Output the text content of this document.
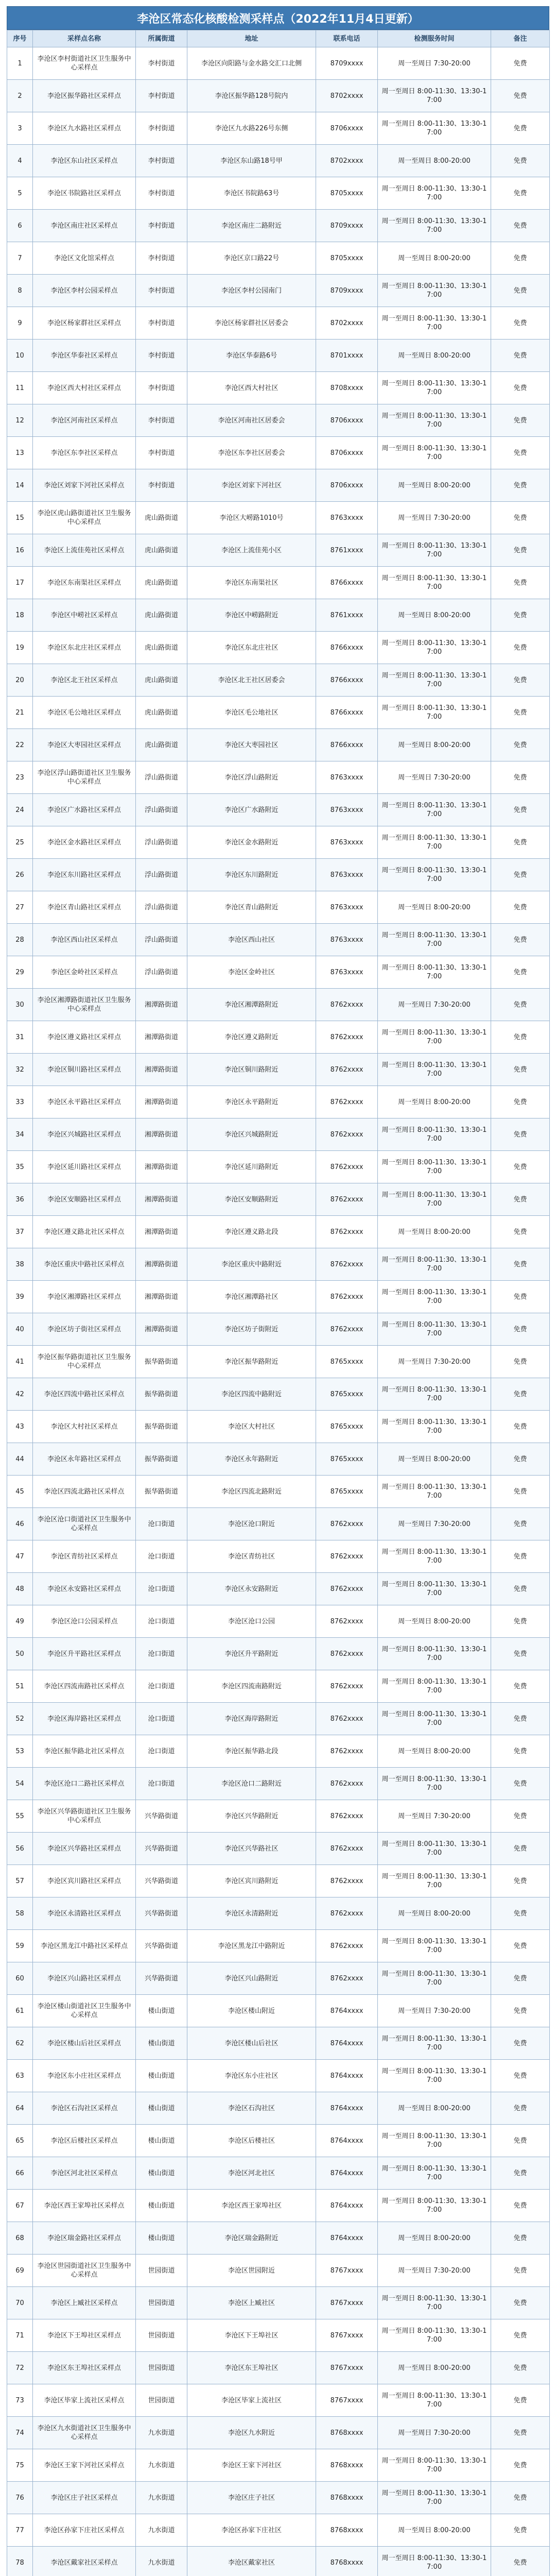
李沧区常态化核酸检测采样点（2022年11月4日更新）
序号	采样点名称	所属街道	地址	联系电话	检测服务时间	备注
1	李沧区李村街道社区卫生服务中心采样点	李村街道	李沧区向阳路与金水路交汇口北侧	8709xxxx	周一至周日 7:30-20:00	免费
2	李沧区振华路社区采样点	李村街道	李沧区振华路128号院内	8702xxxx	周一至周日 8:00-11:30、13:30-17:00	免费
3	李沧区九水路社区采样点	李村街道	李沧区九水路226号东侧	8706xxxx	周一至周日 8:00-11:30、13:30-17:00	免费
4	李沧区东山社区采样点	李村街道	李沧区东山路18号甲	8702xxxx	周一至周日 8:00-20:00	免费
5	李沧区书院路社区采样点	李村街道	李沧区书院路63号	8705xxxx	周一至周日 8:00-11:30、13:30-17:00	免费
6	李沧区南庄社区采样点	李村街道	李沧区南庄二路附近	8709xxxx	周一至周日 8:00-11:30、13:30-17:00	免费
7	李沧区文化馆采样点	李村街道	李沧区京口路22号	8705xxxx	周一至周日 8:00-20:00	免费
8	李沧区李村公园采样点	李村街道	李沧区李村公园南门	8709xxxx	周一至周日 8:00-11:30、13:30-17:00	免费
9	李沧区杨家群社区采样点	李村街道	李沧区杨家群社区居委会	8702xxxx	周一至周日 8:00-11:30、13:30-17:00	免费
10	李沧区华泰社区采样点	李村街道	李沧区华泰路6号	8701xxxx	周一至周日 8:00-20:00	免费
11	李沧区西大村社区采样点	李村街道	李沧区西大村社区	8708xxxx	周一至周日 8:00-11:30、13:30-17:00	免费
12	李沧区河南社区采样点	李村街道	李沧区河南社区居委会	8706xxxx	周一至周日 8:00-11:30、13:30-17:00	免费
13	李沧区东李社区采样点	李村街道	李沧区东李社区居委会	8706xxxx	周一至周日 8:00-11:30、13:30-17:00	免费
14	李沧区刘家下河社区采样点	李村街道	李沧区刘家下河社区	8706xxxx	周一至周日 8:00-20:00	免费
15	李沧区虎山路街道社区卫生服务中心采样点	虎山路街道	李沧区大崂路1010号	8763xxxx	周一至周日 7:30-20:00	免费
16	李沧区上流佳苑社区采样点	虎山路街道	李沧区上流佳苑小区	8761xxxx	周一至周日 8:00-11:30、13:30-17:00	免费
17	李沧区东南渠社区采样点	虎山路街道	李沧区东南渠社区	8766xxxx	周一至周日 8:00-11:30、13:30-17:00	免费
18	李沧区中崂社区采样点	虎山路街道	李沧区中崂路附近	8761xxxx	周一至周日 8:00-20:00	免费
19	李沧区东北庄社区采样点	虎山路街道	李沧区东北庄社区	8766xxxx	周一至周日 8:00-11:30、13:30-17:00	免费
20	李沧区北王社区采样点	虎山路街道	李沧区北王社区居委会	8766xxxx	周一至周日 8:00-11:30、13:30-17:00	免费
21	李沧区毛公地社区采样点	虎山路街道	李沧区毛公地社区	8766xxxx	周一至周日 8:00-11:30、13:30-17:00	免费
22	李沧区大枣园社区采样点	虎山路街道	李沧区大枣园社区	8766xxxx	周一至周日 8:00-20:00	免费
23	李沧区浮山路街道社区卫生服务中心采样点	浮山路街道	李沧区浮山路附近	8763xxxx	周一至周日 7:30-20:00	免费
24	李沧区广水路社区采样点	浮山路街道	李沧区广水路附近	8763xxxx	周一至周日 8:00-11:30、13:30-17:00	免费
25	李沧区金水路社区采样点	浮山路街道	李沧区金水路附近	8763xxxx	周一至周日 8:00-11:30、13:30-17:00	免费
26	李沧区东川路社区采样点	浮山路街道	李沧区东川路附近	8763xxxx	周一至周日 8:00-11:30、13:30-17:00	免费
27	李沧区青山路社区采样点	浮山路街道	李沧区青山路附近	8763xxxx	周一至周日 8:00-20:00	免费
28	李沧区西山社区采样点	浮山路街道	李沧区西山社区	8763xxxx	周一至周日 8:00-11:30、13:30-17:00	免费
29	李沧区金岭社区采样点	浮山路街道	李沧区金岭社区	8763xxxx	周一至周日 8:00-11:30、13:30-17:00	免费
30	李沧区湘潭路街道社区卫生服务中心采样点	湘潭路街道	李沧区湘潭路附近	8762xxxx	周一至周日 7:30-20:00	免费
31	李沧区遵义路社区采样点	湘潭路街道	李沧区遵义路附近	8762xxxx	周一至周日 8:00-11:30、13:30-17:00	免费
32	李沧区铜川路社区采样点	湘潭路街道	李沧区铜川路附近	8762xxxx	周一至周日 8:00-11:30、13:30-17:00	免费
33	李沧区永平路社区采样点	湘潭路街道	李沧区永平路附近	8762xxxx	周一至周日 8:00-20:00	免费
34	李沧区兴城路社区采样点	湘潭路街道	李沧区兴城路附近	8762xxxx	周一至周日 8:00-11:30、13:30-17:00	免费
35	李沧区延川路社区采样点	湘潭路街道	李沧区延川路附近	8762xxxx	周一至周日 8:00-11:30、13:30-17:00	免费
36	李沧区安顺路社区采样点	湘潭路街道	李沧区安顺路附近	8762xxxx	周一至周日 8:00-11:30、13:30-17:00	免费
37	李沧区遵义路北社区采样点	湘潭路街道	李沧区遵义路北段	8762xxxx	周一至周日 8:00-20:00	免费
38	李沧区重庆中路社区采样点	湘潭路街道	李沧区重庆中路附近	8762xxxx	周一至周日 8:00-11:30、13:30-17:00	免费
39	李沧区湘潭路社区采样点	湘潭路街道	李沧区湘潭路社区	8762xxxx	周一至周日 8:00-11:30、13:30-17:00	免费
40	李沧区坊子街社区采样点	湘潭路街道	李沧区坊子街附近	8762xxxx	周一至周日 8:00-11:30、13:30-17:00	免费
41	李沧区振华路街道社区卫生服务中心采样点	振华路街道	李沧区振华路附近	8765xxxx	周一至周日 7:30-20:00	免费
42	李沧区四流中路社区采样点	振华路街道	李沧区四流中路附近	8765xxxx	周一至周日 8:00-11:30、13:30-17:00	免费
43	李沧区大村社区采样点	振华路街道	李沧区大村社区	8765xxxx	周一至周日 8:00-11:30、13:30-17:00	免费
44	李沧区永年路社区采样点	振华路街道	李沧区永年路附近	8765xxxx	周一至周日 8:00-20:00	免费
45	李沧区四流北路社区采样点	振华路街道	李沧区四流北路附近	8765xxxx	周一至周日 8:00-11:30、13:30-17:00	免费
46	李沧区沧口街道社区卫生服务中心采样点	沧口街道	李沧区沧口附近	8762xxxx	周一至周日 7:30-20:00	免费
47	李沧区青纺社区采样点	沧口街道	李沧区青纺社区	8762xxxx	周一至周日 8:00-11:30、13:30-17:00	免费
48	李沧区永安路社区采样点	沧口街道	李沧区永安路附近	8762xxxx	周一至周日 8:00-11:30、13:30-17:00	免费
49	李沧区沧口公园采样点	沧口街道	李沧区沧口公园	8762xxxx	周一至周日 8:00-20:00	免费
50	李沧区升平路社区采样点	沧口街道	李沧区升平路附近	8762xxxx	周一至周日 8:00-11:30、13:30-17:00	免费
51	李沧区四流南路社区采样点	沧口街道	李沧区四流南路附近	8762xxxx	周一至周日 8:00-11:30、13:30-17:00	免费
52	李沧区海岸路社区采样点	沧口街道	李沧区海岸路附近	8762xxxx	周一至周日 8:00-11:30、13:30-17:00	免费
53	李沧区振华路北社区采样点	沧口街道	李沧区振华路北段	8762xxxx	周一至周日 8:00-20:00	免费
54	李沧区沧口二路社区采样点	沧口街道	李沧区沧口二路附近	8762xxxx	周一至周日 8:00-11:30、13:30-17:00	免费
55	李沧区兴华路街道社区卫生服务中心采样点	兴华路街道	李沧区兴华路附近	8762xxxx	周一至周日 7:30-20:00	免费
56	李沧区兴华路社区采样点	兴华路街道	李沧区兴华路社区	8762xxxx	周一至周日 8:00-11:30、13:30-17:00	免费
57	李沧区宾川路社区采样点	兴华路街道	李沧区宾川路附近	8762xxxx	周一至周日 8:00-11:30、13:30-17:00	免费
58	李沧区永清路社区采样点	兴华路街道	李沧区永清路附近	8762xxxx	周一至周日 8:00-20:00	免费
59	李沧区黑龙江中路社区采样点	兴华路街道	李沧区黑龙江中路附近	8762xxxx	周一至周日 8:00-11:30、13:30-17:00	免费
60	李沧区兴山路社区采样点	兴华路街道	李沧区兴山路附近	8762xxxx	周一至周日 8:00-11:30、13:30-17:00	免费
61	李沧区楼山街道社区卫生服务中心采样点	楼山街道	李沧区楼山附近	8764xxxx	周一至周日 7:30-20:00	免费
62	李沧区楼山后社区采样点	楼山街道	李沧区楼山后社区	8764xxxx	周一至周日 8:00-11:30、13:30-17:00	免费
63	李沧区东小庄社区采样点	楼山街道	李沧区东小庄社区	8764xxxx	周一至周日 8:00-11:30、13:30-17:00	免费
64	李沧区石沟社区采样点	楼山街道	李沧区石沟社区	8764xxxx	周一至周日 8:00-20:00	免费
65	李沧区后楼社区采样点	楼山街道	李沧区后楼社区	8764xxxx	周一至周日 8:00-11:30、13:30-17:00	免费
66	李沧区河北社区采样点	楼山街道	李沧区河北社区	8764xxxx	周一至周日 8:00-11:30、13:30-17:00	免费
67	李沧区西王家埠社区采样点	楼山街道	李沧区西王家埠社区	8764xxxx	周一至周日 8:00-11:30、13:30-17:00	免费
68	李沧区瑞金路社区采样点	楼山街道	李沧区瑞金路附近	8764xxxx	周一至周日 8:00-20:00	免费
69	李沧区世园街道社区卫生服务中心采样点	世园街道	李沧区世园附近	8767xxxx	周一至周日 7:30-20:00	免费
70	李沧区上臧社区采样点	世园街道	李沧区上臧社区	8767xxxx	周一至周日 8:00-11:30、13:30-17:00	免费
71	李沧区下王埠社区采样点	世园街道	李沧区下王埠社区	8767xxxx	周一至周日 8:00-11:30、13:30-17:00	免费
72	李沧区东王埠社区采样点	世园街道	李沧区东王埠社区	8767xxxx	周一至周日 8:00-20:00	免费
73	李沧区毕家上流社区采样点	世园街道	李沧区毕家上流社区	8767xxxx	周一至周日 8:00-11:30、13:30-17:00	免费
74	李沧区九水街道社区卫生服务中心采样点	九水街道	李沧区九水附近	8768xxxx	周一至周日 7:30-20:00	免费
75	李沧区王家下河社区采样点	九水街道	李沧区王家下河社区	8768xxxx	周一至周日 8:00-11:30、13:30-17:00	免费
76	李沧区庄子社区采样点	九水街道	李沧区庄子社区	8768xxxx	周一至周日 8:00-11:30、13:30-17:00	免费
77	李沧区孙家下庄社区采样点	九水街道	李沧区孙家下庄社区	8768xxxx	周一至周日 8:00-20:00	免费
78	李沧区戴家社区采样点	九水街道	李沧区戴家社区	8768xxxx	周一至周日 8:00-11:30、13:30-17:00	免费
